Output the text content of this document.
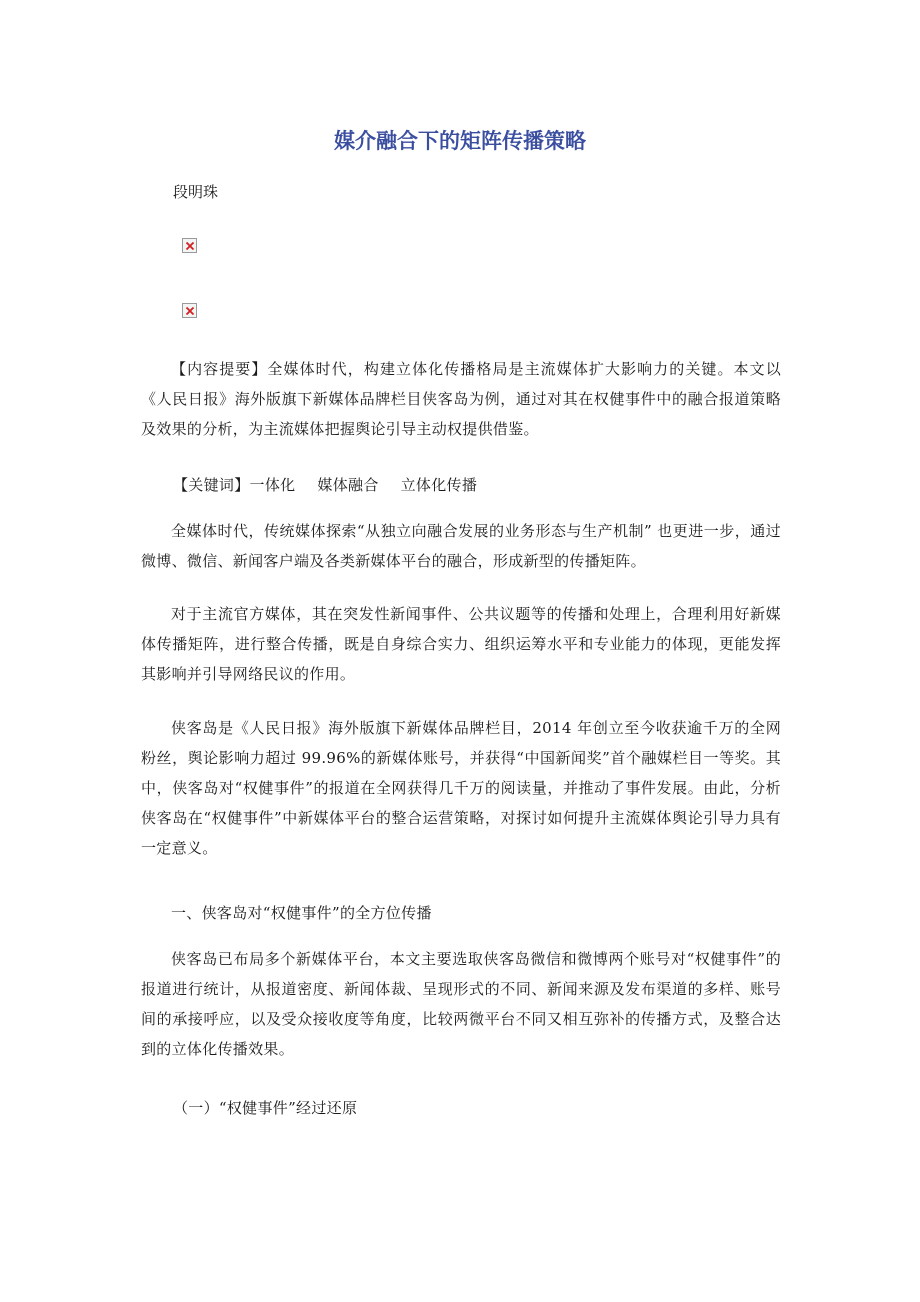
媒介融合下的矩阵传播策略
段明珠

【内容提要】全媒体时代，构建立体化传播格局是主流媒体扩大影响力的关键。本文以《人民日报》海外版旗下新媒体品牌栏目侠客岛为例，通过对其在权健事件中的融合报道策略及效果的分析，为主流媒体把握舆论引导主动权提供借鉴。

【关键词】一体化 媒体融合 立体化传播

全媒体时代，传统媒体探索“从独立向融合发展的业务形态与生产机制” 也更进一步，通过微博、微信、新闻客户端及各类新媒体平台的融合，形成新型的传播矩阵。

对于主流官方媒体，其在突发性新闻事件、公共议题等的传播和处理上，合理利用好新媒体传播矩阵，进行整合传播，既是自身综合实力、组织运筹水平和专业能力的体现，更能发挥其影响并引导网络民议的作用。

侠客岛是《人民日报》海外版旗下新媒体品牌栏目，2014 年创立至今收获逾千万的全网粉丝，舆论影响力超过 99.96%的新媒体账号，并获得“中国新闻奖”首个融媒栏目一等奖。其中，侠客岛对“权健事件”的报道在全网获得几千万的阅读量，并推动了事件发展。由此，分析侠客岛在“权健事件”中新媒体平台的整合运营策略，对探讨如何提升主流媒体舆论引导力具有一定意义。

一、侠客岛对“权健事件”的全方位传播

侠客岛已布局多个新媒体平台，本文主要选取侠客岛微信和微博两个账号对“权健事件”的报道进行统计，从报道密度、新闻体裁、呈现形式的不同、新闻来源及发布渠道的多样、账号间的承接呼应，以及受众接收度等角度，比较两微平台不同又相互弥补的传播方式，及整合达到的立体化传播效果。

（一）“权健事件”经过还原
